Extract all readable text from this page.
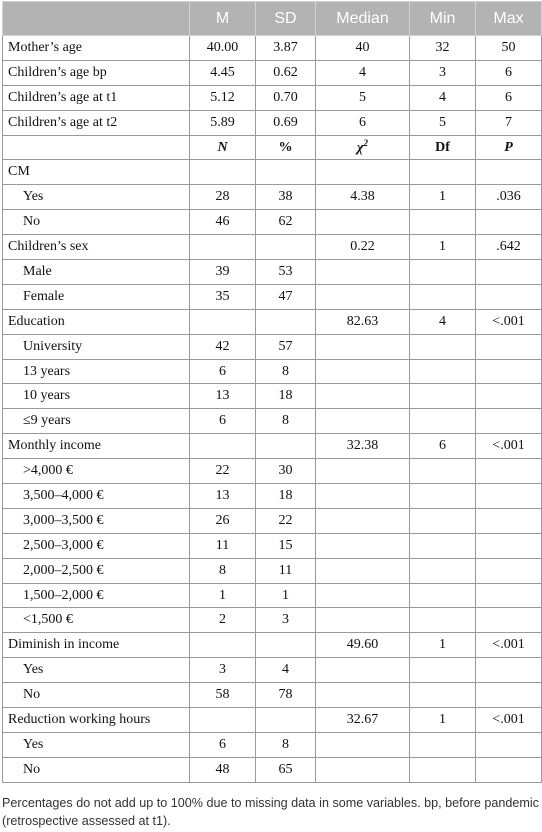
	M	SD	Median	Min	Max
Mother’s age	40.00	3.87	40	32	50
Children’s age bp	4.45	0.62	4	3	6
Children’s age at t1	5.12	0.70	5	4	6
Children’s age at t2	5.89	0.69	6	5	7
	N	%	$\chi^2$	Df	P
CM					
Yes	28	38	4.38	1	.036
No	46	62			
Children’s sex			0.22	1	.642
Male	39	53			
Female	35	47			
Education			82.63	4	<.001
University	42	57			
13 years	6	8			
10 years	13	18			
≤9 years	6	8			
Monthly income			32.38	6	<.001
>4,000 €	22	30			
3,500–4,000 €	13	18			
3,000–3,500 €	26	22			
2,500–3,000 €	11	15			
2,000–2,500 €	8	11			
1,500–2,000 €	1	1			
<1,500 €	2	3			
Diminish in income			49.60	1	<.001
Yes	3	4			
No	58	78			
Reduction working hours			32.67	1	<.001
Yes	6	8			
No	48	65			
Percentages do not add up to 100% due to missing data in some variables. bp, before pandemic (retrospective assessed at t1).
